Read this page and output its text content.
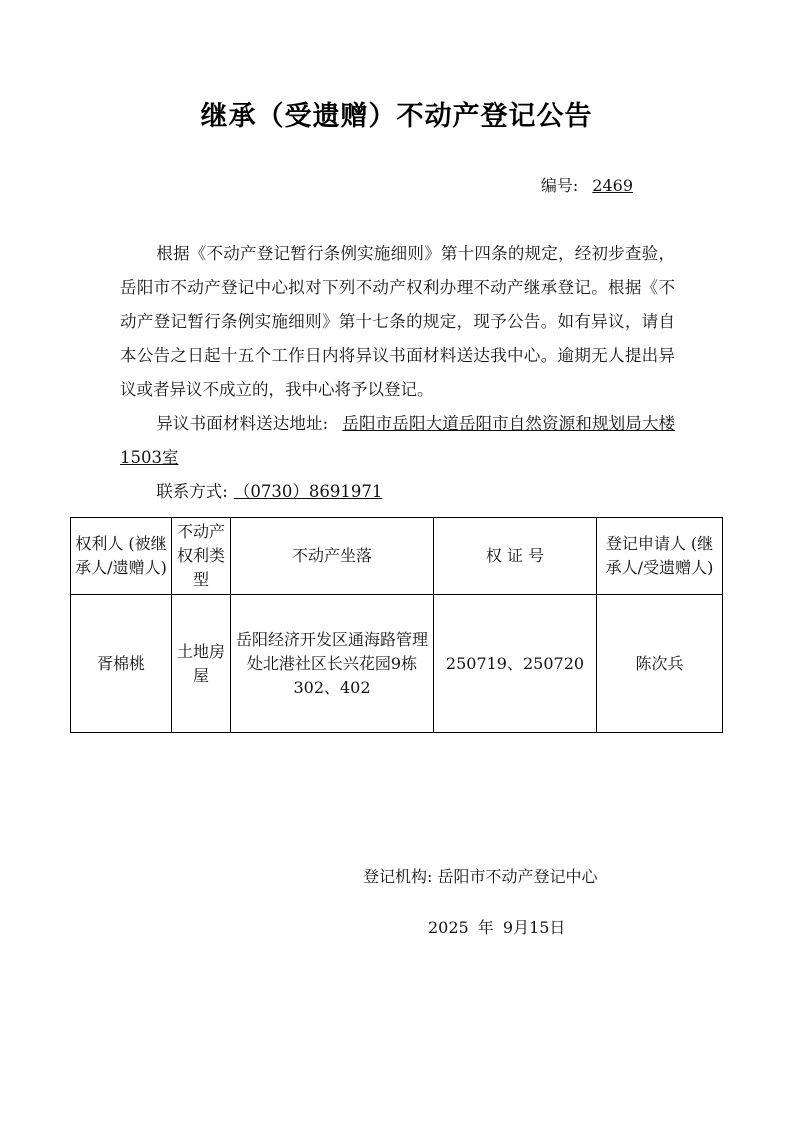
继承（受遗赠）不动产登记公告
编号: 2469

根据《不动产登记暂行条例实施细则》第十四条的规定，经初步查验，岳阳市不动产登记中心拟对下列不动产权利办理不动产继承登记。根据《不动产登记暂行条例实施细则》第十七条的规定，现予公告。如有异议，请自本公告之日起十五个工作日内将异议书面材料送达我中心。逾期无人提出异议或者异议不成立的，我中心将予以登记。

异议书面材料送达地址: 岳阳市岳阳大道岳阳市自然资源和规划局大楼1503室

联系方式: （0730）8691971

权利人 (被继承人/遗赠人)	不动产权利类型	不动产坐落	权 证 号	登记申请人 (继承人/受遗赠人)
胥棉桃	土地房屋	岳阳经济开发区通海路管理处北港社区长兴花园9栋302、402	250719、250720	陈次兵
登记机构: 岳阳市不动产登记中心
2025 年 9月15日
